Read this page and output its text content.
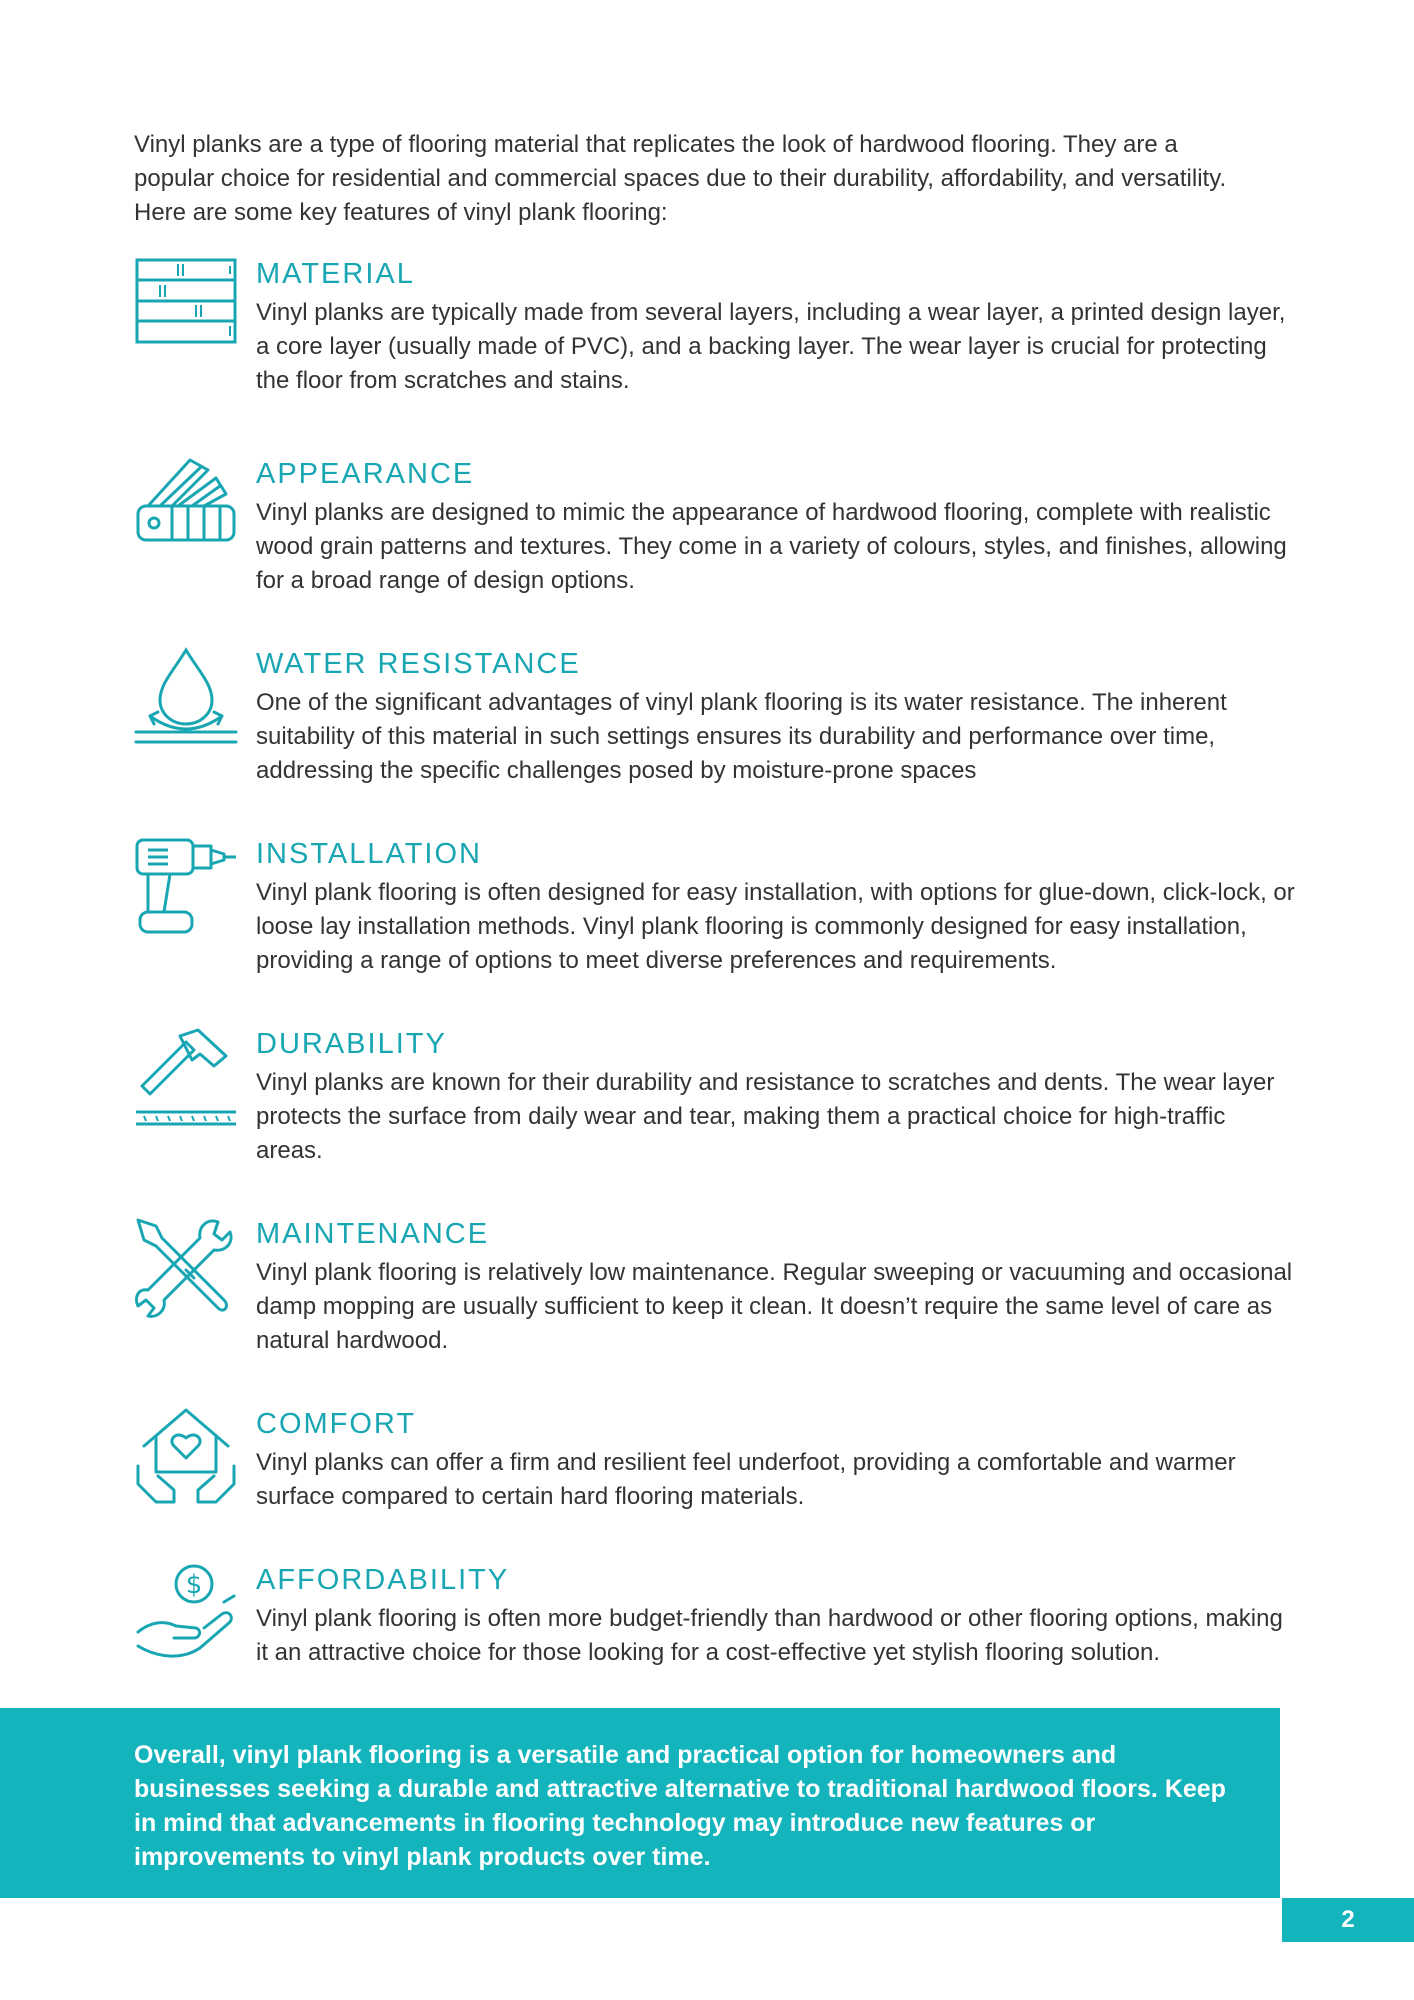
Vinyl planks are a type of flooring material that replicates the look of hardwood flooring. They are a popular choice for residential and commercial spaces due to their durability, affordability, and versatility. Here are some key features of vinyl plank flooring:

MATERIAL

Vinyl planks are typically made from several layers, including a wear layer, a printed design layer, a core layer (usually made of PVC), and a backing layer. The wear layer is crucial for protecting the floor from scratches and stains.

APPEARANCE

Vinyl planks are designed to mimic the appearance of hardwood flooring, complete with realistic wood grain patterns and textures. They come in a variety of colours, styles, and finishes, allowing for a broad range of design options.

WATER RESISTANCE

One of the significant advantages of vinyl plank flooring is its water resistance. The inherent suitability of this material in such settings ensures its durability and performance over time, addressing the specific challenges posed by moisture-prone spaces

INSTALLATION

Vinyl plank flooring is often designed for easy installation, with options for glue-down, click-lock, or loose lay installation methods. Vinyl plank flooring is commonly designed for easy installation, providing a range of options to meet diverse preferences and requirements.

DURABILITY

Vinyl planks are known for their durability and resistance to scratches and dents. The wear layer protects the surface from daily wear and tear, making them a practical choice for high-traffic areas.

MAINTENANCE

Vinyl plank flooring is relatively low maintenance. Regular sweeping or vacuuming and occasional damp mopping are usually sufficient to keep it clean. It doesn’t require the same level of care as natural hardwood.

COMFORT

Vinyl planks can offer a firm and resilient feel underfoot, providing a comfortable and warmer surface compared to certain hard flooring materials.

$ AFFORDABILITY

Vinyl plank flooring is often more budget-friendly than hardwood or other flooring options, making it an attractive choice for those looking for a cost-effective yet stylish flooring solution.

Overall, vinyl plank flooring is a versatile and practical option for homeowners and businesses seeking a durable and attractive alternative to traditional hardwood floors. Keep in mind that advancements in flooring technology may introduce new features or improvements to vinyl plank products over time.

2
